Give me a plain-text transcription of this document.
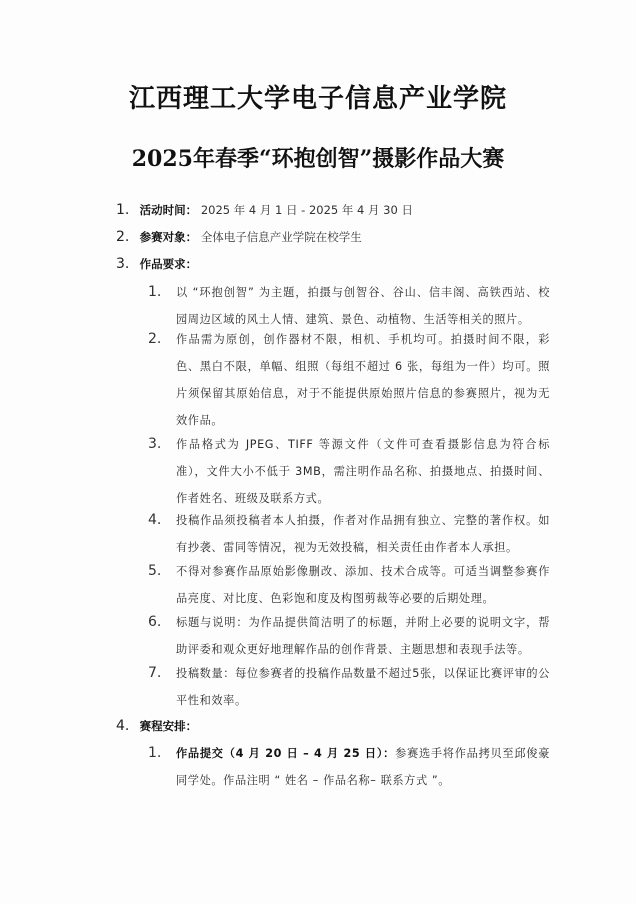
江西理工大学电子信息产业学院
2025年春季“环抱创智”摄影作品大赛
1. 活动时间： 2025 年 4 月 1 日 - 2025 年 4 月 30 日
2. 参赛对象： 全体电子信息产业学院在校学生
3. 作品要求：
1. 以 “环抱创智” 为主题，拍摄与创智谷、谷山、信丰阁、高铁西站、校园周边区域的风土人情、建筑、景色、动植物、生活等相关的照片。
2. 作品需为原创，创作器材不限，相机、手机均可。拍摄时间不限，彩色、黑白不限，单幅、组照（每组不超过 6 张，每组为一件）均可。照片须保留其原始信息，对于不能提供原始照片信息的参赛照片，视为无效作品。
3. 作品格式为 JPEG、TIFF 等源文件（文件可查看摄影信息为符合标准），文件大小不低于 3MB，需注明作品名称、拍摄地点、拍摄时间、作者姓名、班级及联系方式。
4. 投稿作品须投稿者本人拍摄，作者对作品拥有独立、完整的著作权。如有抄袭、雷同等情况，视为无效投稿，相关责任由作者本人承担。
5. 不得对参赛作品原始影像删改、添加、技术合成等。可适当调整参赛作品亮度、对比度、色彩饱和度及构图剪裁等必要的后期处理。
6. 标题与说明：为作品提供简洁明了的标题，并附上必要的说明文字，帮助评委和观众更好地理解作品的创作背景、主题思想和表现手法等。
7. 投稿数量：每位参赛者的投稿作品数量不超过5张，以保证比赛评审的公平性和效率。
4. 赛程安排：
1. 作品提交（4 月 20 日 – 4 月 25 日）：参赛选手将作品拷贝至邱俊豪同学处。作品注明 “ 姓名 – 作品名称– 联系方式 ”。
